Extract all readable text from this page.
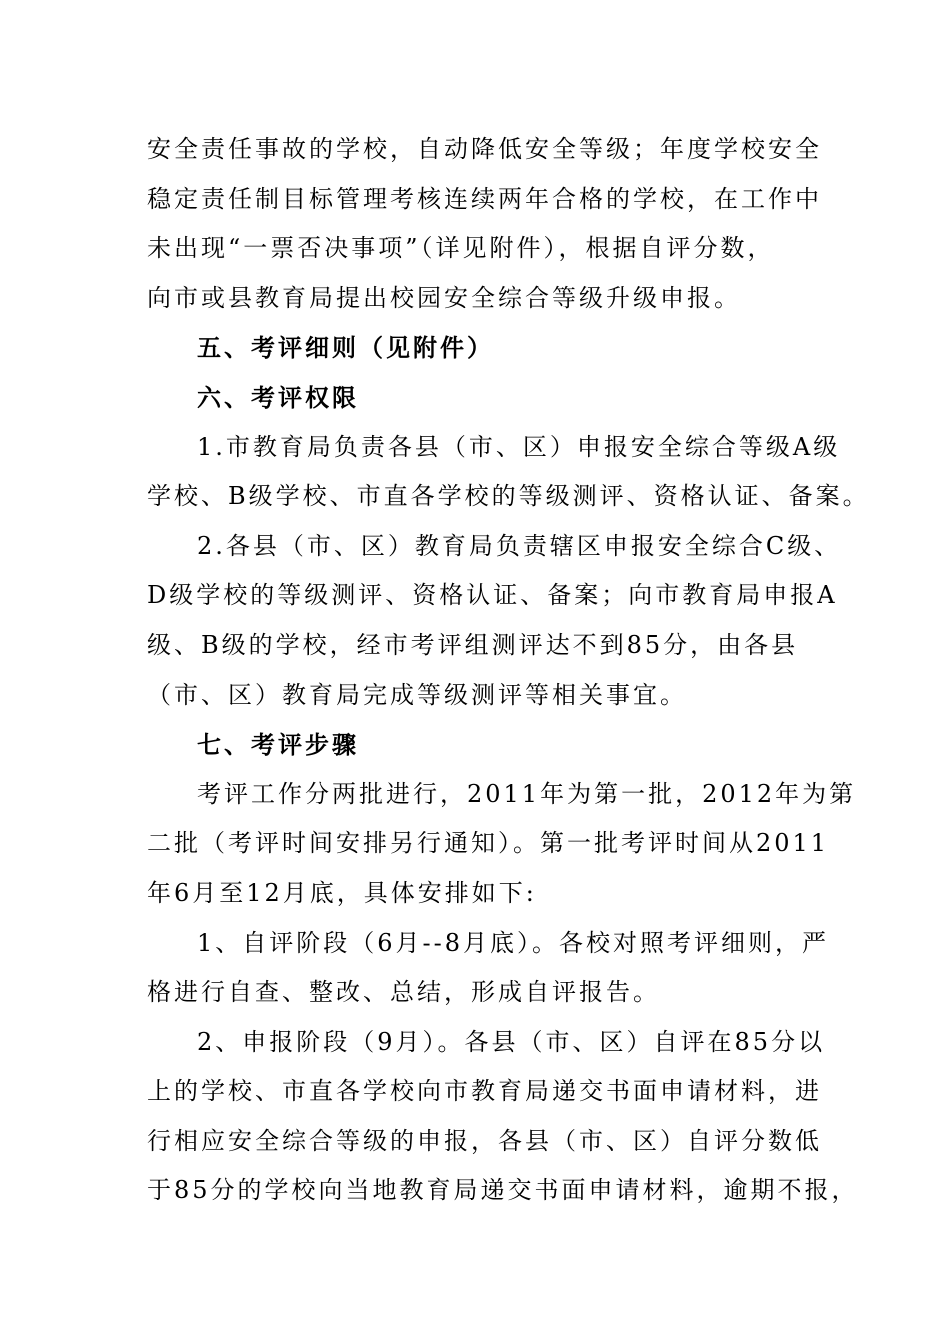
安全责任事故的学校，自动降低安全等级；年度学校安全
稳定责任制目标管理考核连续两年合格的学校，在工作中
未出现“一票否决事项”（详见附件），根据自评分数，
向市或县教育局提出校园安全综合等级升级申报。
五、考评细则（见附件）
六、考评权限
1.市教育局负责各县（市、区）申报安全综合等级A级
学校、B级学校、市直各学校的等级测评、资格认证、备案。
2.各县（市、区）教育局负责辖区申报安全综合C级、
D级学校的等级测评、资格认证、备案；向市教育局申报A
级、B级的学校，经市考评组测评达不到85分，由各县
（市、区）教育局完成等级测评等相关事宜。
七、考评步骤
考评工作分两批进行，2011年为第一批，2012年为第
二批（考评时间安排另行通知）。第一批考评时间从2011
年6月至12月底，具体安排如下:
1、自评阶段（6月--8月底）。各校对照考评细则，严
格进行自查、整改、总结，形成自评报告。
2、申报阶段（9月）。各县（市、区）自评在85分以
上的学校、市直各学校向市教育局递交书面申请材料，进
行相应安全综合等级的申报，各县（市、区）自评分数低
于85分的学校向当地教育局递交书面申请材料，逾期不报，
